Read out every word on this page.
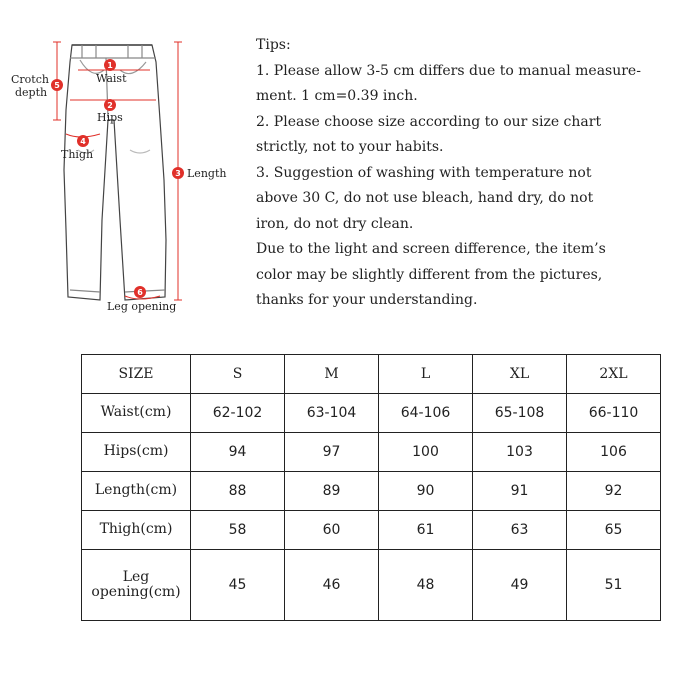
1
2
3
4
5
6
Waist
Hips
Crotch
depth
Thigh
Length
Leg opening

Tips:

1. Please allow 3-5 cm differs due to manual measure-

ment. 1 cm=0.39 inch.

2. Please choose size according to our size chart

strictly, not to your habits.

3. Suggestion of washing with temperature not

above 30 C, do not use bleach, hand dry, do not

iron, do not dry clean.

Due to the light and screen difference, the item’s

color may be slightly different from the pictures,

thanks for your understanding.

SIZE	S	M	L	XL	2XL
Waist(cm)	62-102	63-104	64-106	65-108	66-110
Hips(cm)	94	97	100	103	106
Length(cm)	88	89	90	91	92
Thigh(cm)	58	60	61	63	65

Leg
opening(cm)	45	46	48	49	51
